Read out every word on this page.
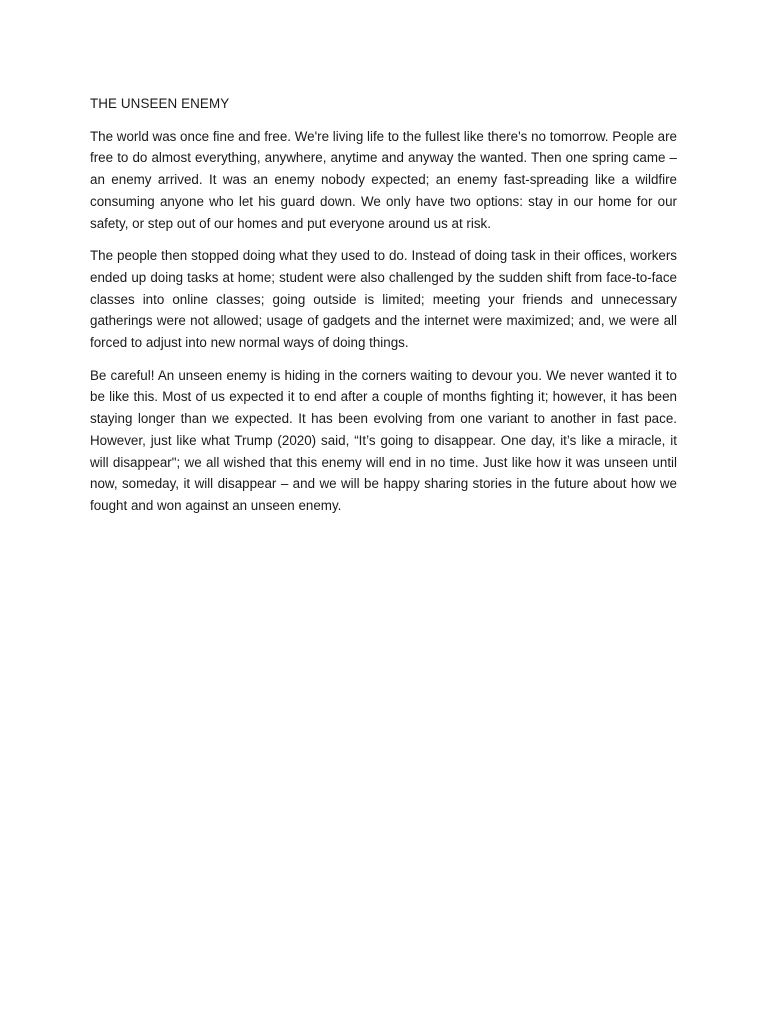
THE UNSEEN ENEMY

The world was once fine and free. We're living life to the fullest like there's no tomorrow. People are free to do almost everything, anywhere, anytime and anyway the wanted. Then one spring came – an enemy arrived. It was an enemy nobody expected; an enemy fast-spreading like a wildfire consuming anyone who let his guard down. We only have two options: stay in our home for our safety, or step out of our homes and put everyone around us at risk.

The people then stopped doing what they used to do. Instead of doing task in their offices, workers ended up doing tasks at home; student were also challenged by the sudden shift from face-to-face classes into online classes; going outside is limited; meeting your friends and unnecessary gatherings were not allowed; usage of gadgets and the internet were maximized; and, we were all forced to adjust into new normal ways of doing things.

Be careful! An unseen enemy is hiding in the corners waiting to devour you. We never wanted it to be like this. Most of us expected it to end after a couple of months fighting it; however, it has been staying longer than we expected. It has been evolving from one variant to another in fast pace. However, just like what Trump (2020) said, “It’s going to disappear. One day, it’s like a miracle, it will disappear"; we all wished that this enemy will end in no time. Just like how it was unseen until now, someday, it will disappear – and we will be happy sharing stories in the future about how we fought and won against an unseen enemy.
